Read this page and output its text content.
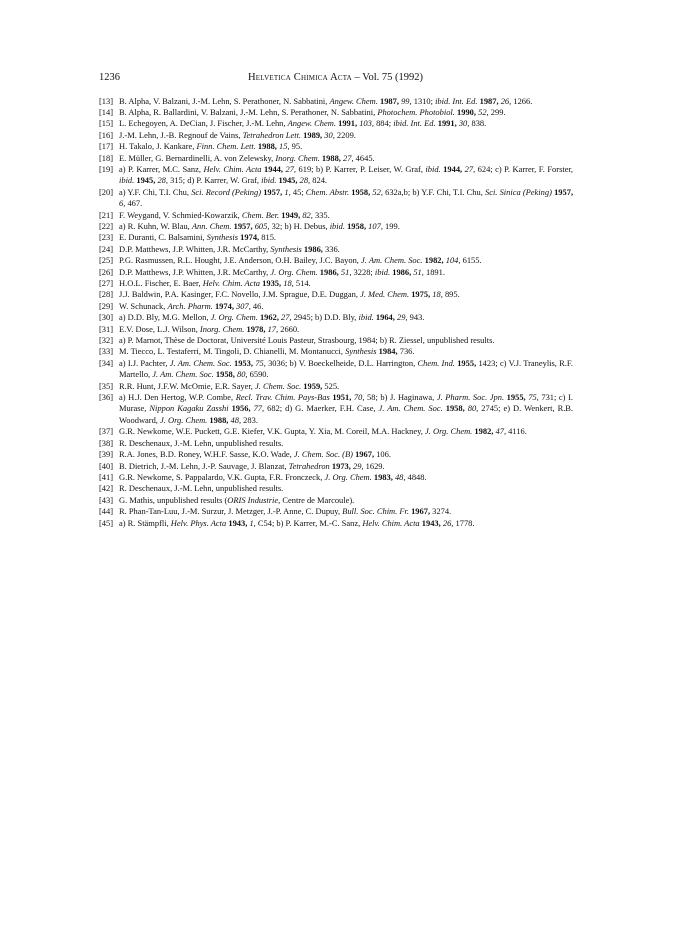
1236	Helvetica Chimica Acta – Vol. 75 (1992)
[13] B. Alpha, V. Balzani, J.-M. Lehn, S. Perathoner, N. Sabbatini, Angew. Chem. 1987, 99, 1310; ibid. Int. Ed. 1987, 26, 1266.
[14] B. Alpha, R. Ballardini, V. Balzani, J.-M. Lehn, S. Perathoner, N. Sabbatini, Photochem. Photobiol. 1990, 52, 299.
[15] L. Echegoyen, A. DeCian, J. Fischer, J.-M. Lehn, Angew. Chem. 1991, 103, 884; ibid. Int. Ed. 1991, 30, 838.
[16] J.-M. Lehn, J.-B. Regnouf de Vains, Tetrahedron Lett. 1989, 30, 2209.
[17] H. Takalo, J. Kankare, Finn. Chem. Lett. 1988, 15, 95.
[18] E. Müller, G. Bernardinelli, A. von Zelewsky, Inorg. Chem. 1988, 27, 4645.
[19] a) P. Karrer, M.C. Sanz, Helv. Chim. Acta 1944, 27, 619; b) P. Karrer, P. Leiser, W. Graf, ibid. 1944, 27, 624; c) P. Karrer, F. Forster, ibid. 1945, 28, 315; d) P. Karrer, W. Graf, ibid. 1945, 28, 824.
[20] a) Y.F. Chi, T.I. Chu, Sci. Record (Peking) 1957, 1, 45; Chem. Abstr. 1958, 52, 632a,b; b) Y.F. Chi, T.I. Chu, Sci. Sinica (Peking) 1957, 6, 467.
[21] F. Weygand, V. Schmied-Kowarzik, Chem. Ber. 1949, 82, 335.
[22] a) R. Kuhn, W. Blau, Ann. Chem. 1957, 605, 32; b) H. Debus, ibid. 1958, 107, 199.
[23] E. Duranti, C. Balsamini, Synthesis 1974, 815.
[24] D.P. Matthews, J.P. Whitten, J.R. McCarthy, Synthesis 1986, 336.
[25] P.G. Rasmussen, R.L. Hought, J.E. Anderson, O.H. Bailey, J.C. Bayon, J. Am. Chem. Soc. 1982, 104, 6155.
[26] D.P. Matthews, J.P. Whitten, J.R. McCarthy, J. Org. Chem. 1986, 51, 3228; ibid. 1986, 51, 1891.
[27] H.O.L. Fischer, E. Baer, Helv. Chim. Acta 1935, 18, 514.
[28] J.J. Baldwin, P.A. Kasinger, F.C. Novello, J.M. Sprague, D.E. Duggan, J. Med. Chem. 1975, 18, 895.
[29] W. Schunack, Arch. Pharm. 1974, 307, 46.
[30] a) D.D. Bly, M.G. Mellon, J. Org. Chem. 1962, 27, 2945; b) D.D. Bly, ibid. 1964, 29, 943.
[31] E.V. Dose, L.J. Wilson, Inorg. Chem. 1978, 17, 2660.
[32] a) P. Marnot, Thèse de Doctorat, Université Louis Pasteur, Strasbourg, 1984; b) R. Ziessel, unpublished results.
[33] M. Tiecco, L. Testaferri, M. Tingoli, D. Chianelli, M. Montanucci, Synthesis 1984, 736.
[34] a) I.J. Pachter, J. Am. Chem. Soc. 1953, 75, 3036; b) V. Boeckelheide, D.L. Harrington, Chem. Ind. 1955, 1423; c) V.J. Traneylis, R.F. Martello, J. Am. Chem. Soc. 1958, 80, 6590.
[35] R.R. Hunt, J.F.W. McOmie, E.R. Sayer, J. Chem. Soc. 1959, 525.
[36] a) H.J. Den Hertog, W.P. Combe, Recl. Trav. Chim. Pays-Bas 1951, 70, 58; b) J. Haginawa, J. Pharm. Soc. Jpn. 1955, 75, 731; c) I. Murase, Nippon Kagaku Zasshi 1956, 77, 682; d) G. Maerker, F.H. Case, J. Am. Chem. Soc. 1958, 80, 2745; e) D. Wenkert, R.B. Woodward, J. Org. Chem. 1988, 48, 283.
[37] G.R. Newkome, W.E. Puckett, G.E. Kiefer, V.K. Gupta, Y. Xia, M. Coreil, M.A. Hackney, J. Org. Chem. 1982, 47, 4116.
[38] R. Deschenaux, J.-M. Lehn, unpublished results.
[39] R.A. Jones, B.D. Roney, W.H.F. Sasse, K.O. Wade, J. Chem. Soc. (B) 1967, 106.
[40] B. Dietrich, J.-M. Lehn, J.-P. Sauvage, J. Blanzat, Tetrahedron 1973, 29, 1629.
[41] G.R. Newkome, S. Pappalardo, V.K. Gupta, F.R. Fronczeck, J. Org. Chem. 1983, 48, 4848.
[42] R. Deschenaux, J.-M. Lehn, unpublished results.
[43] G. Mathis, unpublished results (ORIS Industrie, Centre de Marcoule).
[44] R. Phan-Tan-Luu, J.-M. Surzur, J. Metzger, J.-P. Anne, C. Dupuy, Bull. Soc. Chim. Fr. 1967, 3274.
[45] a) R. Stämpfli, Helv. Phys. Acta 1943, 1, C54; b) P. Karrer, M.-C. Sanz, Helv. Chim. Acta 1943, 26, 1778.
